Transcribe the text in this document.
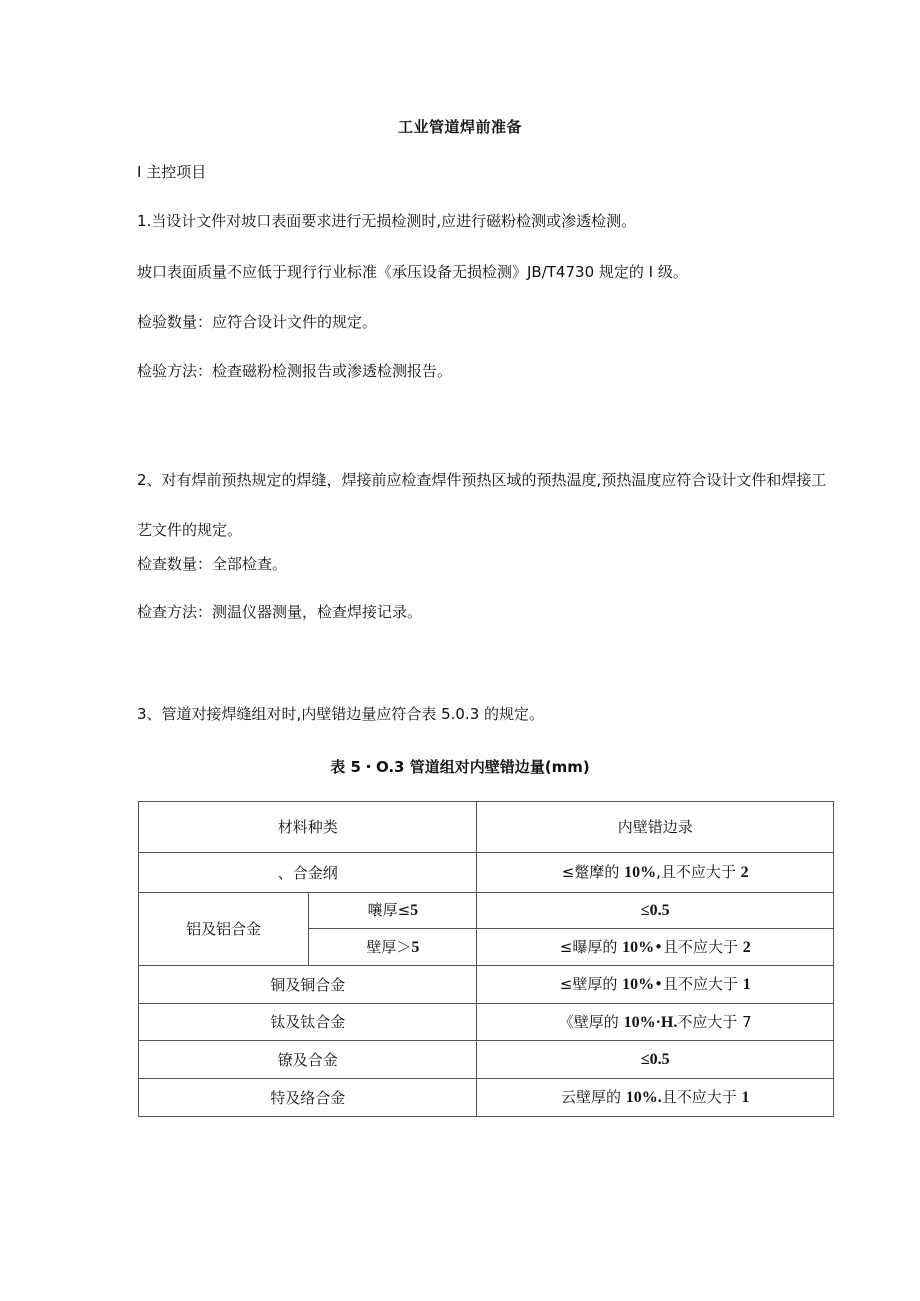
工业管道焊前准备
I 主控项目
1.当设计文件对坡口表面要求进行无损检测时,应进行磁粉检测或渗透检测。
坡口表面质量不应低于现行行业标准《承压设备无损检测》JB/T4730 规定的 I 级。
检验数量：应符合设计文件的规定。
检验方法：检查磁粉检测报告或渗透检测报告。
2、对有焊前预热规定的焊缝，焊接前应检查焊件预热区域的预热温度,预热温度应符合设计文件和焊接工艺文件的规定。
检查数量：全部检查。
检查方法：测温仪器测量，检查焊接记录。
3、管道对接焊缝组对时,内壁错边量应符合表 5.0.3 的规定。
表 5・O.3 管道组对内壁错边量(mm)
材料种类		内壁错边录
、合金纲		≤蹩摩的 10%,且不应大于 2
铝及铝合金	嚷厚≤5	≤0.5
	壁厚＞5	≤曝厚的 10%•且不应大于 2
铜及铜合金		≤壁厚的 10%•且不应大于 1
钛及钛合金		《壁厚的 10%·H.不应大于 7
镣及合金		≤0.5
特及络合金		云壁厚的 10%.且不应大于 1
